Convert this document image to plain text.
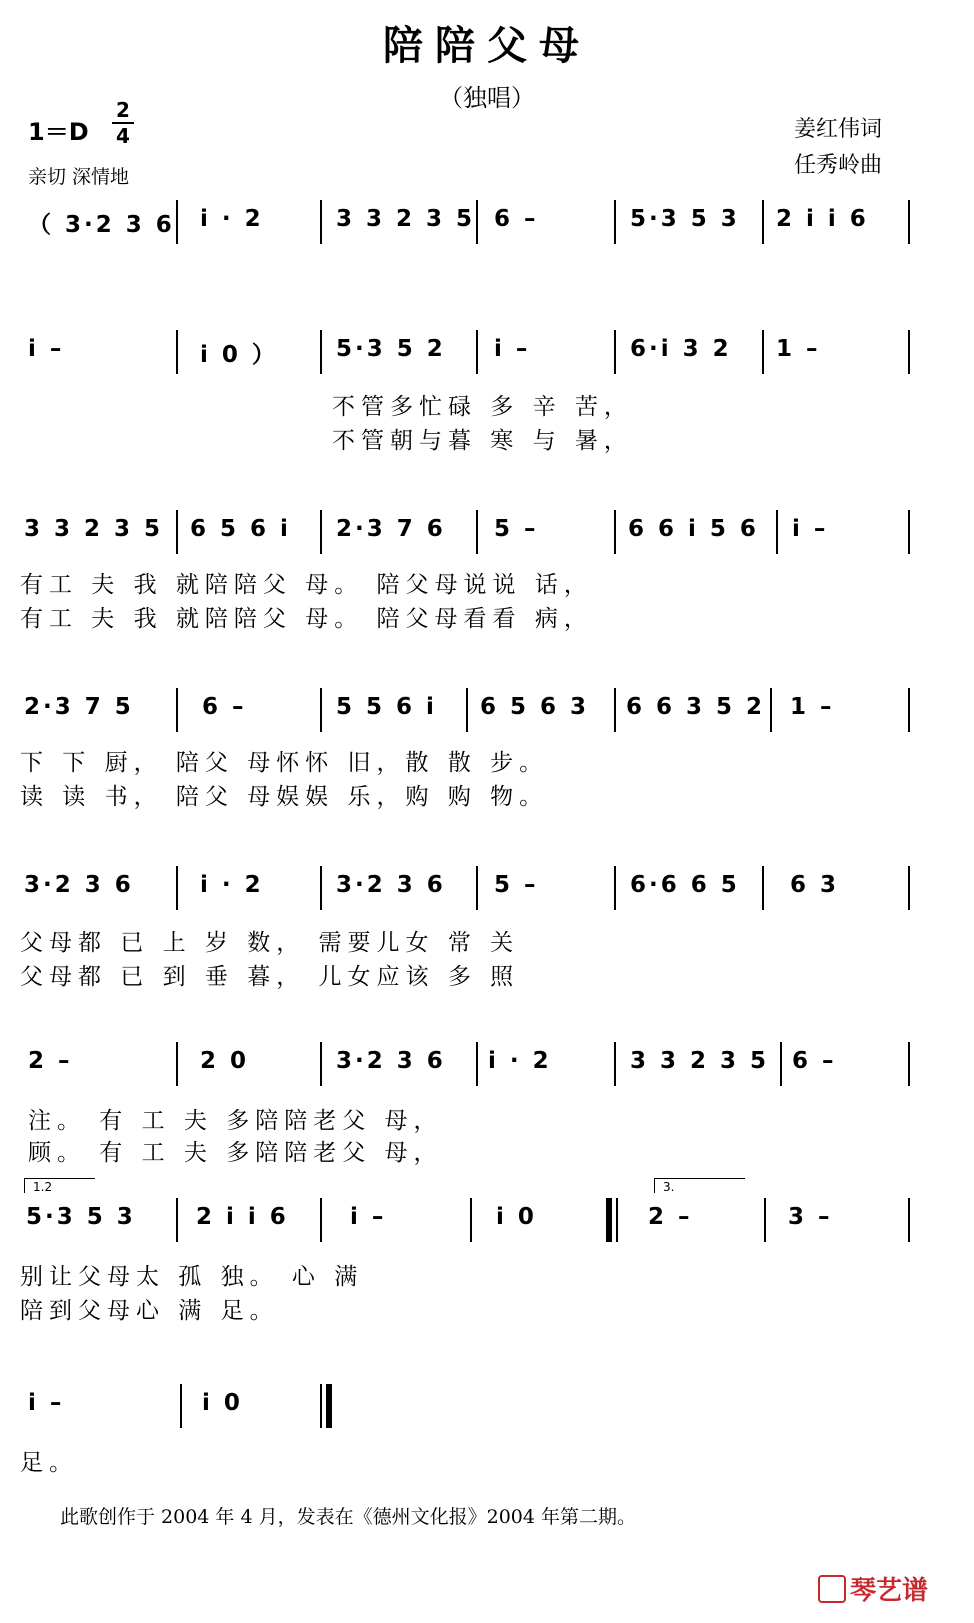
陪陪父母
（独唱）
1＝D
2
4	姜红伟词
任秀岭曲
亲切 深情地
（ 3·2 3 6 i · 2	3 3 2 3 5 6 –	5·3 5 3 2 i i 6
i –	i 0 ）	5·3 5 2 i –	6·i 3 2 1 –
不管多忙碌 多 辛 苦，
不管朝与暮 寒 与 暑，
3 3 2 3 5 6 5 6 i 2·3 7 6 5 –	6 6 i 5 6 i –
有工 夫 我 就陪陪父 母。 陪父母说说 话，
有工 夫 我 就陪陪父 母。 陪父母看看 病，
2·3 7 5	6 –	5 5 6 i 6 5 6 3 6 6 3 5 2 1 –
下 下 厨， 陪父 母怀怀 旧，散 散 步。
读 读 书， 陪父 母娱娱 乐，购 购 物。
3·2 3 6	i · 2	3·2 3 6 5 –	6·6 6 5 6 3
父母都 已 上 岁 数， 需要儿女 常 关
父母都 已 到 垂 暮， 儿女应该 多 照
2 –	2 0	3·2 3 6 i · 2	3 3 2 3 5 6 –
注。 有 工 夫 多陪陪老父 母，
顾。 有 工 夫 多陪陪老父 母，
1.2	3.
5·3 5 3	2 i i 6	i –	i 0	2 –	3 –
别让父母太 孤 独。 心 满
陪到父母心 满 足。
i –	i 0
足。
此歌创作于 2004 年 4 月，发表在《德州文化报》2004 年第二期。
琴艺谱
